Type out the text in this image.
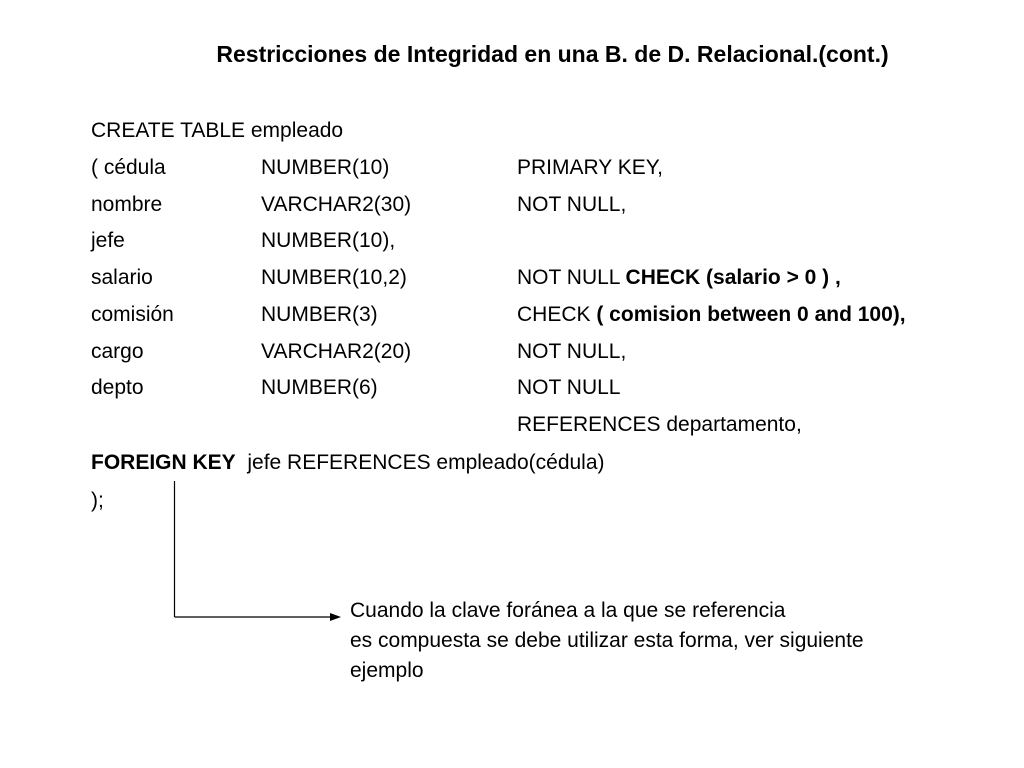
Restricciones de Integridad en una B. de D. Relacional.(cont.)
CREATE TABLE empleado
( cédula	NUMBER(10)	PRIMARY KEY,
nombre	VARCHAR2(30)	NOT NULL,
jefe	NUMBER(10),
salario	NUMBER(10,2)	NOT NULL CHECK (salario > 0 ) ,
comisión	NUMBER(3)	CHECK ( comision between 0 and 100),
cargo	VARCHAR2(20)	NOT NULL,
depto	NUMBER(6)	NOT NULL
REFERENCES departamento,
FOREIGN KEY jefe REFERENCES empleado(cédula)
);
Cuando la clave foránea a la que se referencia
es compuesta se debe utilizar esta forma, ver siguiente
ejemplo
